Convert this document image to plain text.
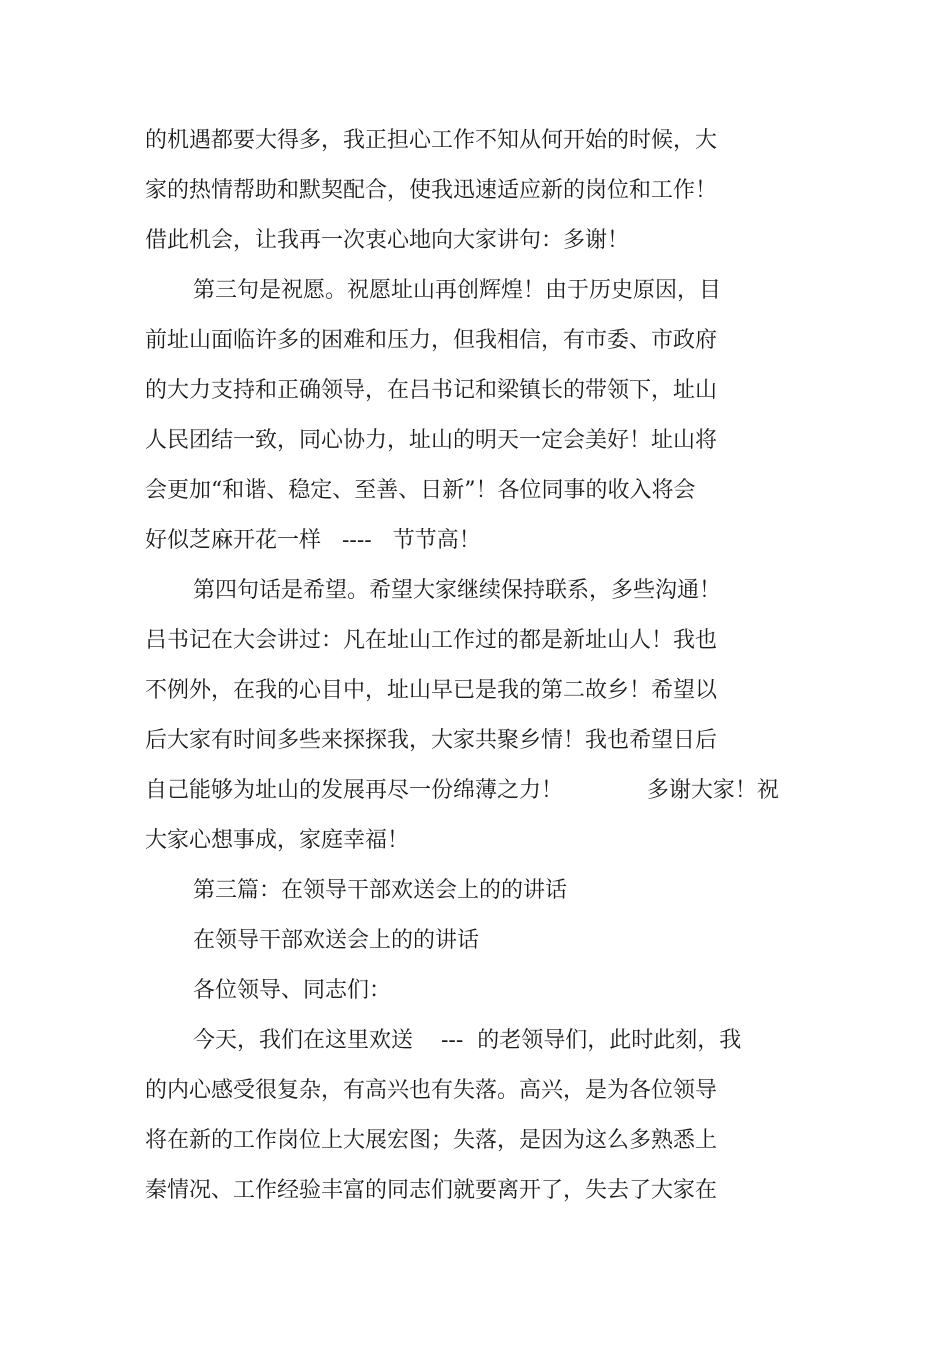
的机遇都要大得多，我正担心工作不知从何开始的时候，大

家的热情帮助和默契配合，使我迅速适应新的岗位和工作！

借此机会，让我再一次衷心地向大家讲句：多谢！

第三句是祝愿。祝愿址山再创辉煌！由于历史原因，目

前址山面临许多的困难和压力，但我相信，有市委、市政府

的大力支持和正确领导，在吕书记和梁镇长的带领下，址山

人民团结一致，同心协力，址山的明天一定会美好！址山将

会更加“和谐、稳定、至善、日新”！各位同事的收入将会

好似芝麻开花一样   ----   节节高！

第四句话是希望。希望大家继续保持联系，多些沟通！

吕书记在大会讲过：凡在址山工作过的都是新址山人！我也

不例外，在我的心目中，址山早已是我的第二故乡！希望以

后大家有时间多些来探探我，大家共聚乡情！我也希望日后

自己能够为址山的发展再尽一份绵薄之力！            多谢大家！祝

大家心想事成，家庭幸福！

第三篇：在领导干部欢送会上的的讲话

在领导干部欢送会上的的讲话

各位领导、同志们：

今天，我们在这里欢送    ---  的老领导们，此时此刻，我

的内心感受很复杂，有高兴也有失落。高兴，是为各位领导

将在新的工作岗位上大展宏图；失落，是因为这么多熟悉上

秦情况、工作经验丰富的同志们就要离开了，失去了大家在
